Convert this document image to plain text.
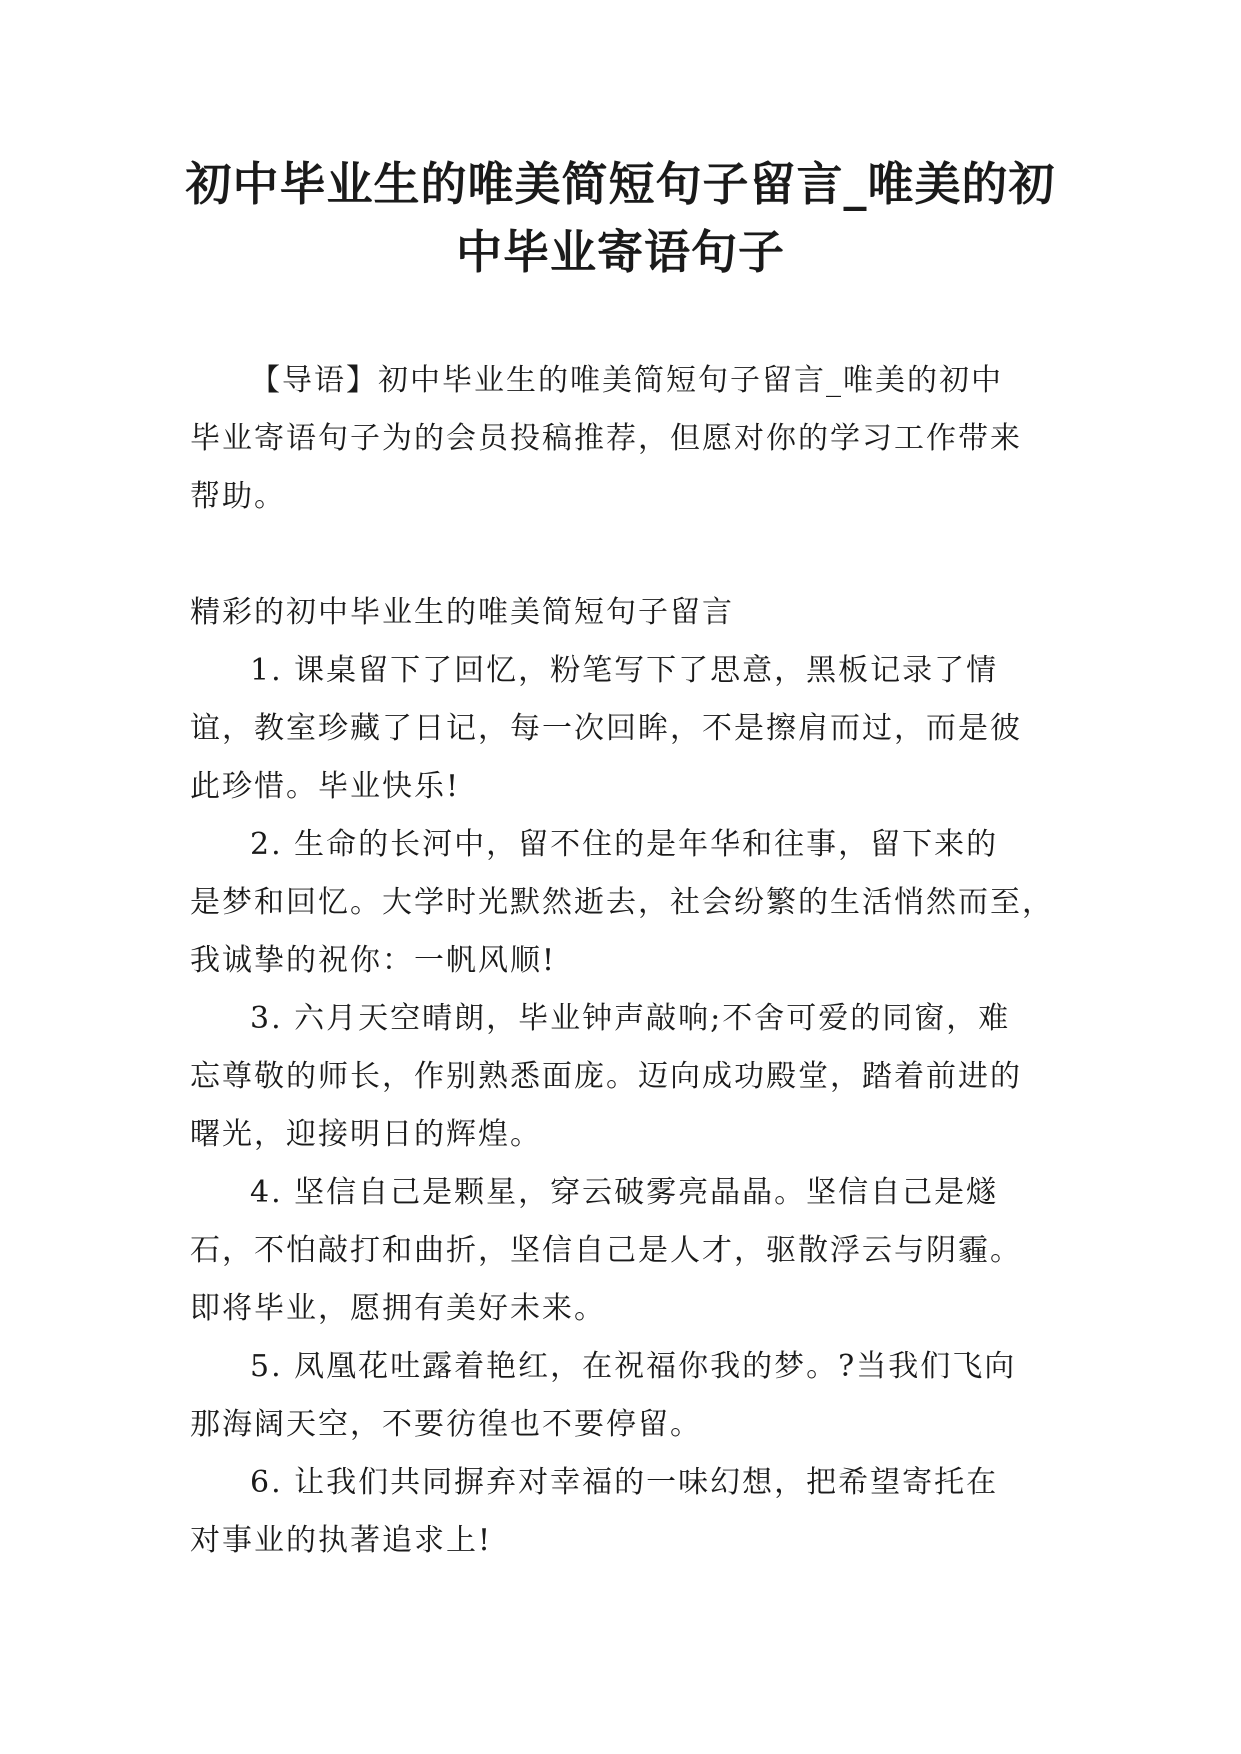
初中毕业生的唯美简短句子留言_唯美的初
中毕业寄语句子

【导语】初中毕业生的唯美简短句子留言_唯美的初中
毕业寄语句子为的会员投稿推荐，但愿对你的学习工作带来
帮助。

精彩的初中毕业生的唯美简短句子留言

1. 课桌留下了回忆，粉笔写下了思意，黑板记录了情
谊，教室珍藏了日记，每一次回眸，不是擦肩而过，而是彼
此珍惜。毕业快乐!

2. 生命的长河中，留不住的是年华和往事，留下来的
是梦和回忆。大学时光默然逝去，社会纷繁的生活悄然而至，
我诚挚的祝你：一帆风顺!

3. 六月天空晴朗，毕业钟声敲响;不舍可爱的同窗，难
忘尊敬的师长，作别熟悉面庞。迈向成功殿堂，踏着前进的
曙光，迎接明日的辉煌。

4. 坚信自己是颗星，穿云破雾亮晶晶。坚信自己是燧
石，不怕敲打和曲折，坚信自己是人才，驱散浮云与阴霾。
即将毕业，愿拥有美好未来。

5. 凤凰花吐露着艳红，在祝福你我的梦。?当我们飞向
那海阔天空，不要彷徨也不要停留。

6. 让我们共同摒弃对幸福的一味幻想，把希望寄托在
对事业的执著追求上!
